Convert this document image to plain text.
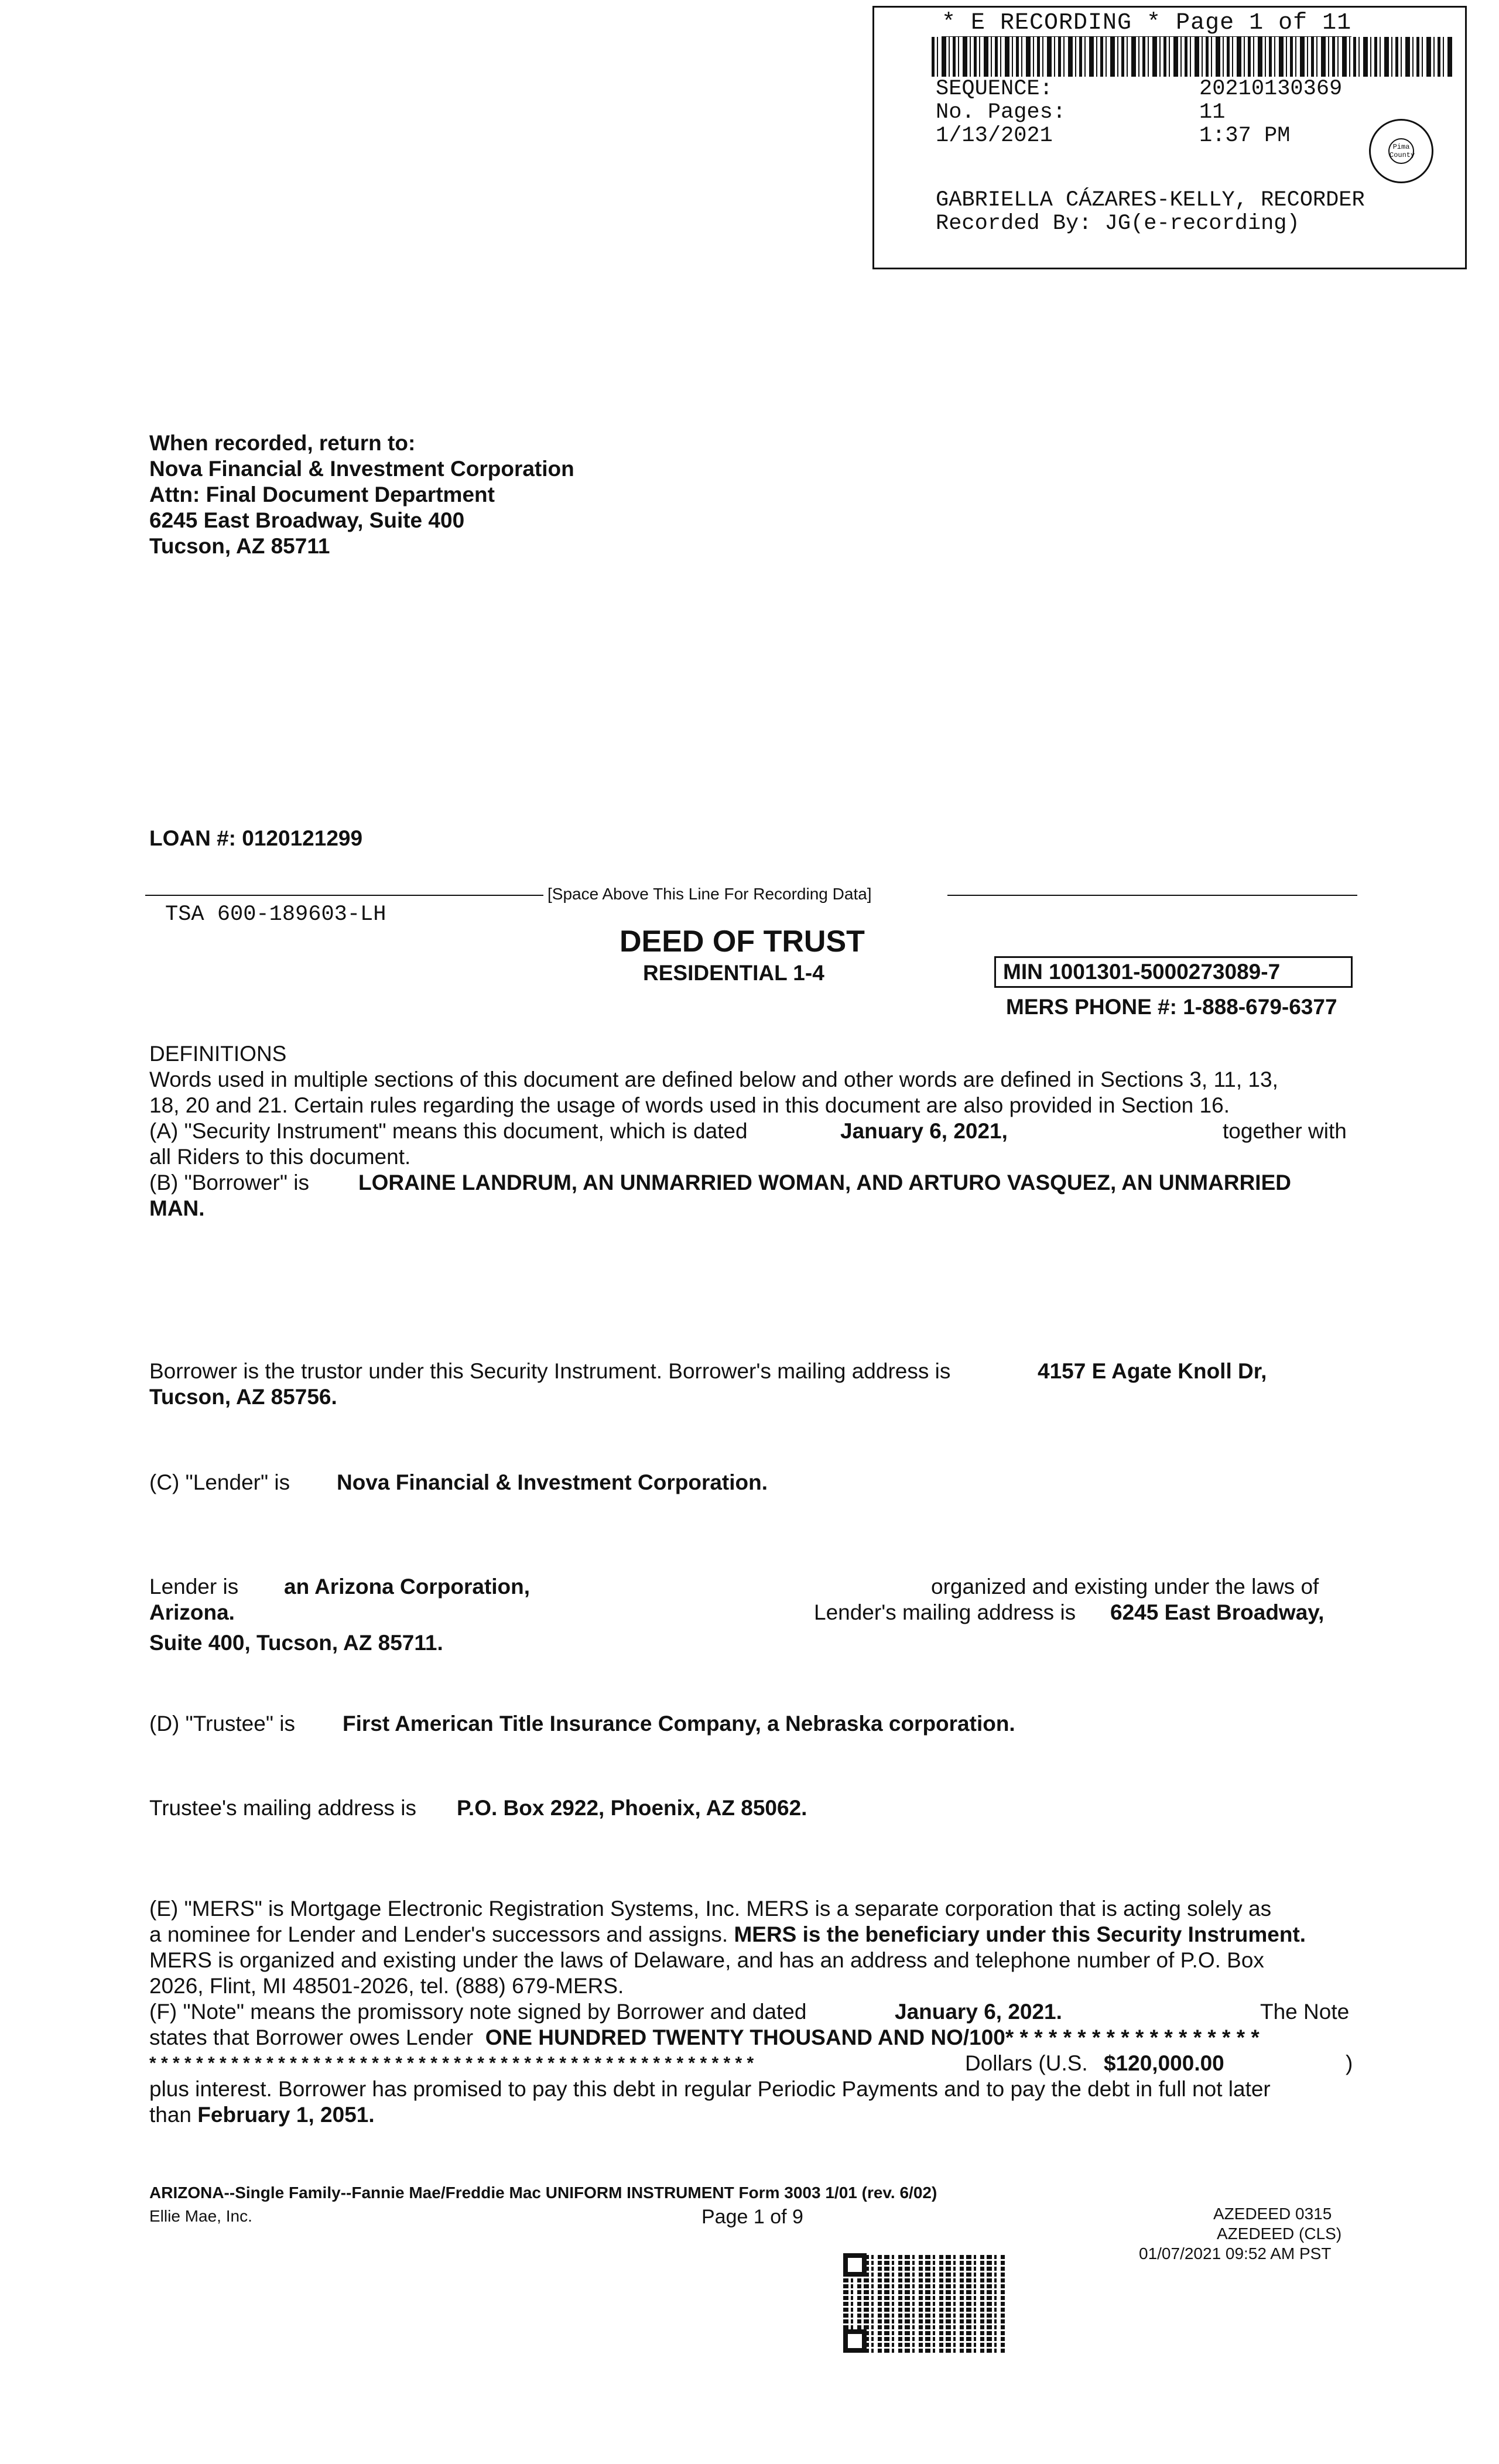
* E RECORDING * Page 1 of 11
SEQUENCE:	20210130369
No. Pages:	11
1/13/2021	1:37 PM	Pima County
GABRIELLA CÁZARES-KELLY, RECORDER
Recorded By: JG(e-recording)
When recorded, return to:
Nova Financial & Investment Corporation
Attn: Final Document Department
6245 East Broadway, Suite 400
Tucson, AZ 85711
LOAN #: 0120121299
[Space Above This Line For Recording Data]
TSA 600-189603-LH
DEED OF TRUST
RESIDENTIAL 1-4	MIN 1001301-5000273089-7
MERS PHONE #: 1-888-679-6377
DEFINITIONS
Words used in multiple sections of this document are defined below and other words are defined in Sections 3, 11, 13,
18, 20 and 21. Certain rules regarding the usage of words used in this document are also provided in Section 16.
(A) "Security Instrument" means this document, which is dated	January 6, 2021,	together with
all Riders to this document.
(B) "Borrower" is LORAINE LANDRUM, AN UNMARRIED WOMAN, AND ARTURO VASQUEZ, AN UNMARRIED
MAN.
Borrower is the trustor under this Security Instrument. Borrower's mailing address is	4157 E Agate Knoll Dr,
Tucson, AZ 85756.
(C) "Lender" is Nova Financial & Investment Corporation.
Lender is an Arizona Corporation,	organized and existing under the laws of
Arizona.	Lender's mailing address is 6245 East Broadway,
Suite 400, Tucson, AZ 85711.
(D) "Trustee" is First American Title Insurance Company, a Nebraska corporation.
Trustee's mailing address is P.O. Box 2922, Phoenix, AZ 85062.
(E) "MERS" is Mortgage Electronic Registration Systems, Inc. MERS is a separate corporation that is acting solely as
a nominee for Lender and Lender's successors and assigns. MERS is the beneficiary under this Security Instrument.
MERS is organized and existing under the laws of Delaware, and has an address and telephone number of P.O. Box
2026, Flint, MI 48501-2026, tel. (888) 679-MERS.
(F) "Note" means the promissory note signed by Borrower and dated	January 6, 2021.	The Note
states that Borrower owes Lender ONE HUNDRED TWENTY THOUSAND AND NO/100* * * * * * * * * * * * * * * * * *
* * * * * * * * * * * * * * * * * * * * * * * * * * * * * * * * * * * * * * * * * * * * * * * * * * * *	Dollars (U.S. $120,000.00	)
plus interest. Borrower has promised to pay this debt in regular Periodic Payments and to pay the debt in full not later
than February 1, 2051.
ARIZONA--Single Family--Fannie Mae/Freddie Mac UNIFORM INSTRUMENT Form 3003 1/01 (rev. 6/02)
Ellie Mae, Inc.	Page 1 of 9	AZEDEED 0315
AZEDEED (CLS)
01/07/2021 09:52 AM PST
